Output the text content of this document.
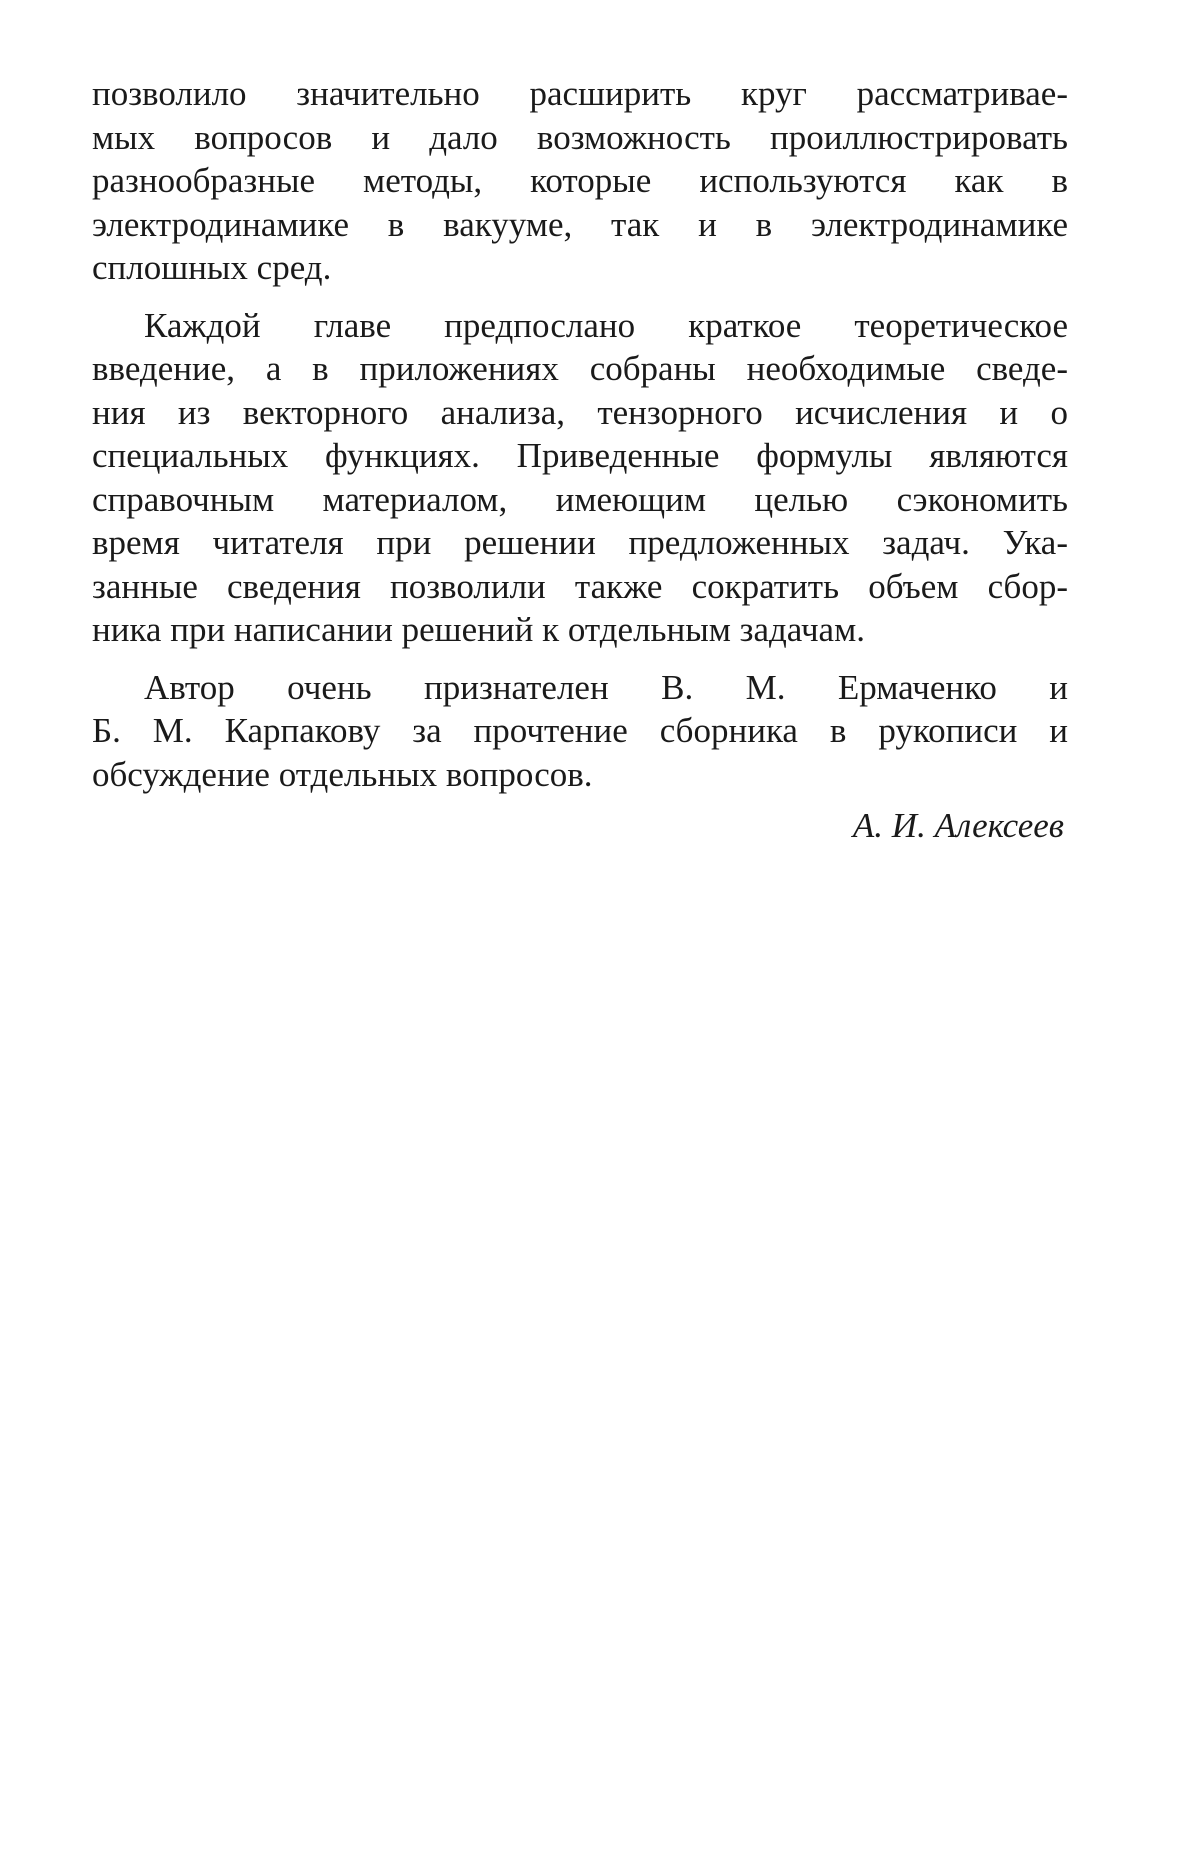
позволило значительно расширить круг рассматривае-
мых вопросов и дало возможность проиллюстрировать
разнообразные методы, которые используются как в
электродинамике в вакууме, так и в электродинамике
сплошных сред.
Каждой главе предпослано краткое теоретическое
введение, а в приложениях собраны необходимые сведе-
ния из векторного анализа, тензорного исчисления и о
специальных функциях. Приведенные формулы являются
справочным материалом, имеющим целью сэкономить
время читателя при решении предложенных задач. Ука-
занные сведения позволили также сократить объем сбор-
ника при написании решений к отдельным задачам.
Автор очень признателен В. М. Ермаченко и
Б. М. Карпакову за прочтение сборника в рукописи и
обсуждение отдельных вопросов.
А. И. Алексеев
